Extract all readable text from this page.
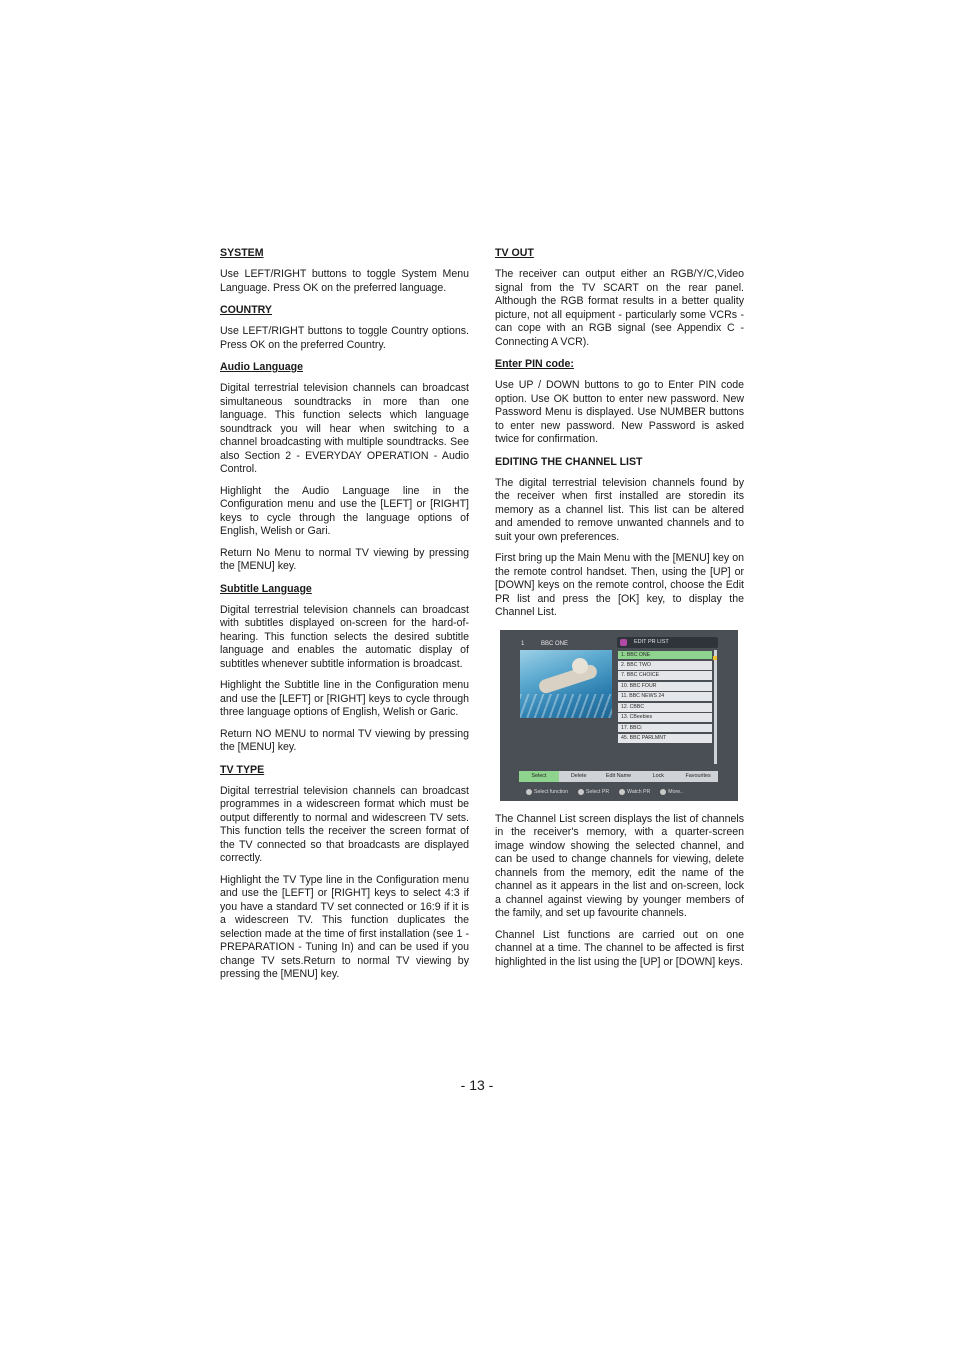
SYSTEM

Use LEFT/RIGHT buttons to toggle System Menu Language. Press OK on the preferred language.

COUNTRY

Use LEFT/RIGHT buttons to toggle Country options. Press OK on the preferred Country.

Audio Language

Digital terrestrial television channels can broadcast simultaneous soundtracks in more than one language. This function selects which language soundtrack you will hear when switching to a channel broadcasting with multiple soundtracks. See also Section 2 - EVERYDAY OPERATION - Audio Control.

Highlight the Audio Language line in the Configuration menu and use the [LEFT] or [RIGHT] keys to cycle through the language options of English, Welish or Gari.

Return No Menu to normal TV viewing by pressing the [MENU] key.

Subtitle Language

Digital terrestrial television channels can broadcast with subtitles displayed on-screen for the hard-of-hearing. This function selects the desired subtitle language and enables the automatic display of subtitles whenever subtitle information is broadcast.

Highlight the Subtitle line in the Configuration menu and use the [LEFT] or [RIGHT] keys to cycle through three language options of English, Welish or Garic.

Return NO MENU to normal TV viewing by pressing the [MENU] key.

TV TYPE

Digital terrestrial television channels can broadcast programmes in a widescreen format which must be output differently to normal and widescreen TV sets. This function tells the receiver the screen format of the TV connected so that broadcasts are displayed correctly.

Highlight the TV Type line in the Configuration menu and use the [LEFT] or [RIGHT] keys to select 4:3 if you have a standard TV set connected or 16:9 if it is a widescreen TV. This function duplicates the selection made at the time of first installation (see 1 - PREPARATION - Tuning In) and can be used if you change TV sets.Return to normal TV viewing by pressing the [MENU] key.

TV OUT

The receiver can output either an RGB/Y/C,Video signal from the TV SCART on the rear panel. Although the RGB format results in a better quality picture, not all equipment - particularly some VCRs - can cope with an RGB signal (see Appendix C - Connecting A VCR).

Enter PIN code:

Use UP / DOWN buttons to go to Enter PIN code option. Use OK button to enter new password. New Password Menu is displayed. Use NUMBER buttons to enter new password. New Password is asked twice for confirmation.

EDITING THE CHANNEL LIST

The digital terrestrial television channels found by the receiver when first installed are storedin its memory as a channel list. This list can be altered and amended to remove unwanted channels and to suit your own preferences.

First bring up the Main Menu with the [MENU] key on the remote control handset. Then, using the [UP] or [DOWN] keys on the remote control, choose the Edit PR list and press the [OK] key, to display the Channel List.

1	BBC ONE	EDIT PR LIST
1. BBC ONE
2. BBC TWO
7. BBC CHOICE
10. BBC FOUR
11. BBC NEWS 24
12. CBBC
13. CBeebies
17. BBCi
45. BBC PARLMNT
Select	Delete	Edit Name	Lock	Favourites
Select function	Select PR	Watch PR	More..

The Channel List screen displays the list of channels in the receiver's memory, with a quarter-screen image window showing the selected channel, and can be used to change channels for viewing, delete channels from the memory, edit the name of the channel as it appears in the list and on-screen, lock a channel against viewing by younger members of the family, and set up favourite channels.

Channel List functions are carried out on one channel at a time. The channel to be affected is first highlighted in the list using the [UP] or [DOWN] keys.

- 13 -
